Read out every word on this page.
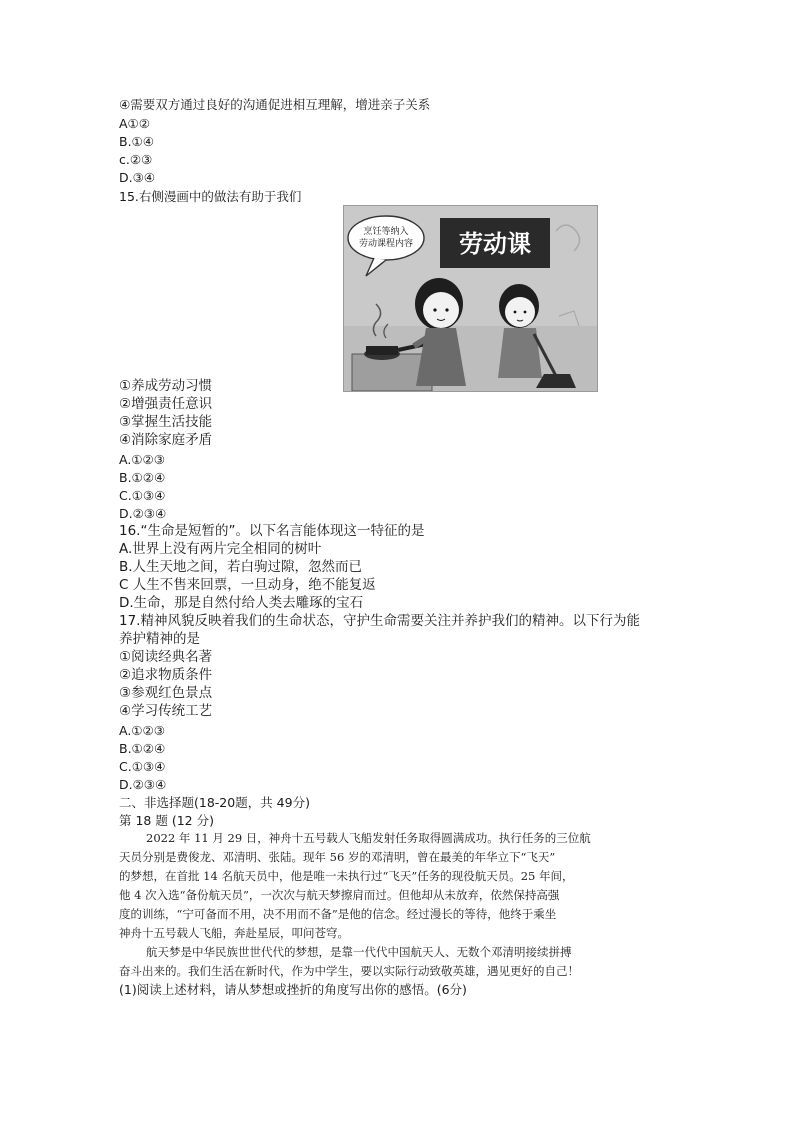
④需要双方通过良好的沟通促进相互理解，增进亲子关系
A①②
B.①④
c.②③
D.③④
15.右侧漫画中的做法有助于我们
烹饪等纳入
劳动课程内容 劳动课
①养成劳动习惯
②增强责任意识
③掌握生活技能
④消除家庭矛盾
A.①②③
B.①②④
C.①③④
D.②③④
16.“生命是短暂的”。以下名言能体现这一特征的是
A.世界上没有两片完全相同的树叶
B.人生天地之间，若白驹过隙，忽然而已
C 人生不售来回票，一旦动身，绝不能复返
D.生命，那是自然付给人类去雕琢的宝石
17.精神风貌反映着我们的生命状态，守护生命需要关注并养护我们的精神。以下行为能
养护精神的是
①阅读经典名著
②追求物质条件
③参观红色景点
④学习传统工艺
A.①②③
B.①②④
C.①③④
D.②③④
二、非选择题(18-20题，共 49分)
第 18 题 (12 分)
2022 年 11 月 29 日，神舟十五号载人飞船发射任务取得圆满成功。执行任务的三位航
天员分别是费俊龙、邓清明、张陆。现年 56 岁的邓清明，曾在最美的年华立下“飞天”
的梦想，在首批 14 名航天员中，他是唯一未执行过“飞天”任务的现役航天员。25 年间，
他 4 次入选“备份航天员”，一次次与航天梦擦肩而过。但他却从未放弃，依然保持高强
度的训练，“宁可备而不用，决不用而不备”是他的信念。经过漫长的等待，他终于乘坐
神舟十五号载人飞船，奔赴星辰，叩问苍穹。
航天梦是中华民族世世代代的梦想，是靠一代代中国航天人、无数个邓清明接续拼搏
奋斗出来的。我们生活在新时代，作为中学生，要以实际行动致敬英雄，遇见更好的自己！
(1)阅读上述材料，请从梦想或挫折的角度写出你的感悟。(6分)
